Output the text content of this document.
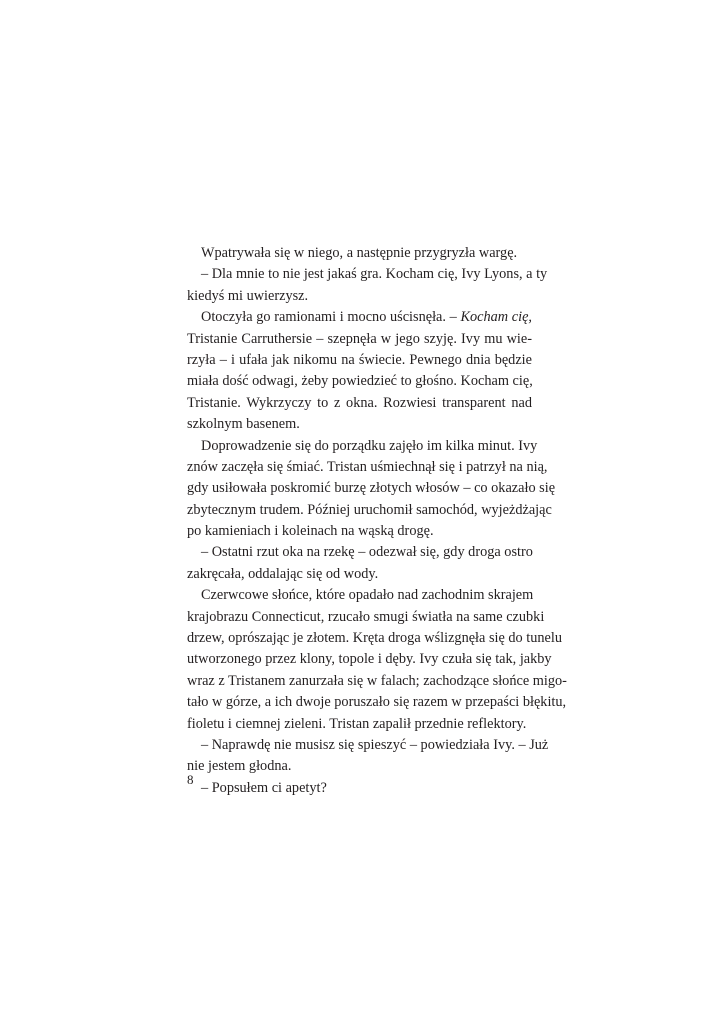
Wpatrywała się w niego, a następnie przygryzła wargę.
– Dla mnie to nie jest jakaś gra. Kocham cię, Ivy Lyons, a ty
kiedyś mi uwierzysz.
Otoczyła go ramionami i mocno uścisnęła. – Kocham cię,
Tristanie Carruthersie – szepnęła w jego szyję. Ivy mu wie-
rzyła – i ufała jak nikomu na świecie. Pewnego dnia będzie
miała dość odwagi, żeby powiedzieć to głośno. Kocham cię,
Tristanie. Wykrzyczy to z okna. Rozwiesi transparent nad
szkolnym basenem.
Doprowadzenie się do porządku zajęło im kilka minut. Ivy
znów zaczęła się śmiać. Tristan uśmiechnął się i patrzył na nią,
gdy usiłowała poskromić burzę złotych włosów – co okazało się
zbytecznym trudem. Później uruchomił samochód, wyjeżdżając
po kamieniach i koleinach na wąską drogę.
– Ostatni rzut oka na rzekę – odezwał się, gdy droga ostro
zakręcała, oddalając się od wody.
Czerwcowe słońce, które opadało nad zachodnim skrajem
krajobrazu Connecticut, rzucało smugi światła na same czubki
drzew, oprószając je złotem. Kręta droga wślizgnęła się do tunelu
utworzonego przez klony, topole i dęby. Ivy czuła się tak, jakby
wraz z Tristanem zanurzała się w falach; zachodzące słońce migo-
tało w górze, a ich dwoje poruszało się razem w przepaści błękitu,
fioletu i ciemnej zieleni. Tristan zapalił przednie reflektory.
– Naprawdę nie musisz się spieszyć – powiedziała Ivy. – Już
nie jestem głodna.
– Popsułem ci apetyt?
8
